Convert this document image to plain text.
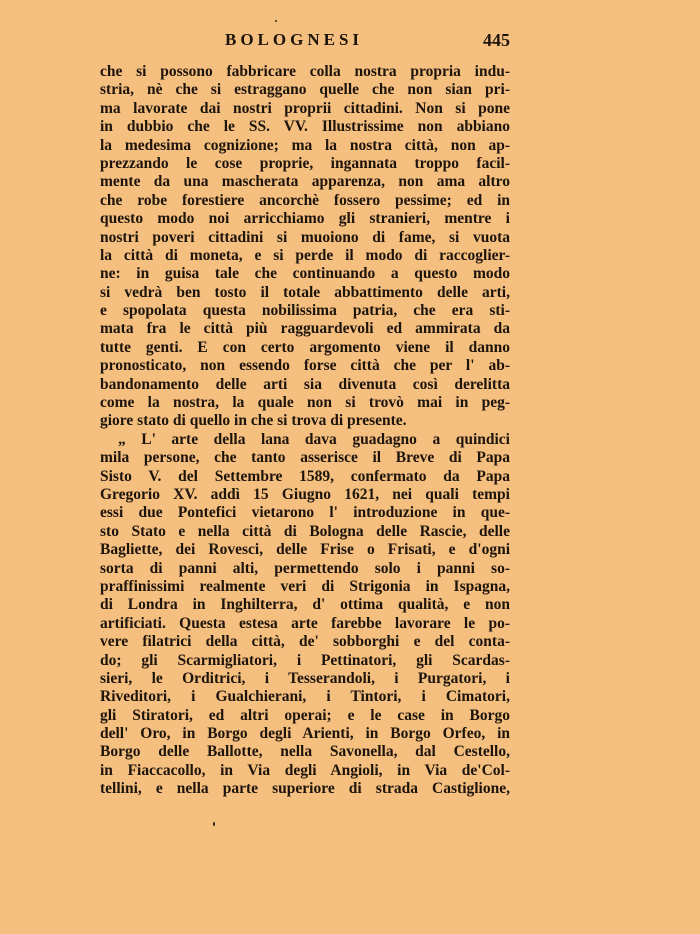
BOLOGNESI	445
che si possono fabbricare colla nostra propria indu-
stria, nè che si estraggano quelle che non sian pri-
ma lavorate dai nostri proprii cittadini. Non si pone
in dubbio che le SS. VV. Illustrissime non abbiano
la medesima cognizione; ma la nostra città, non ap-
prezzando le cose proprie, ingannata troppo facil-
mente da una mascherata apparenza, non ama altro
che robe forestiere ancorchè fossero pessime; ed in
questo modo noi arricchiamo gli stranieri, mentre i
nostri poveri cittadini si muoiono di fame, si vuota
la città di moneta, e si perde il modo di raccoglier-
ne: in guisa tale che continuando a questo modo
si vedrà ben tosto il totale abbattimento delle arti,
e spopolata questa nobilissima patria, che era sti-
mata fra le città più ragguardevoli ed ammirata da
tutte genti. E con certo argomento viene il danno
pronosticato, non essendo forse città che per l' ab-
bandonamento delle arti sia divenuta così derelitta
come la nostra, la quale non si trovò mai in peg-
giore stato di quello in che si trova di presente.
„ L' arte della lana dava guadagno a quindici
mila persone, che tanto asserisce il Breve di Papa
Sisto V. del Settembre 1589, confermato da Papa
Gregorio XV. addì 15 Giugno 1621, nei quali tempi
essi due Pontefici vietarono l' introduzione in que-
sto Stato e nella città di Bologna delle Rascie, delle
Bagliette, dei Rovesci, delle Frise o Frisati, e d'ogni
sorta di panni alti, permettendo solo i panni so-
praffinissimi realmente veri di Strigonia in Ispagna,
di Londra in Inghilterra, d' ottima qualità, e non
artificiati. Questa estesa arte farebbe lavorare le po-
vere filatrici della città, de' sobborghi e del conta-
do; gli Scarmigliatori, i Pettinatori, gli Scardas-
sieri, le Orditrici, i Tesserandoli, i Purgatori, i
Riveditori, i Gualchierani, i Tintori, i Cimatori,
gli Stiratori, ed altri operai; e le case in Borgo
dell' Oro, in Borgo degli Arienti, in Borgo Orfeo, in
Borgo delle Ballotte, nella Savonella, dal Cestello,
in Fiaccacollo, in Via degli Angioli, in Via de'Col-
tellini, e nella parte superiore di strada Castiglione,
